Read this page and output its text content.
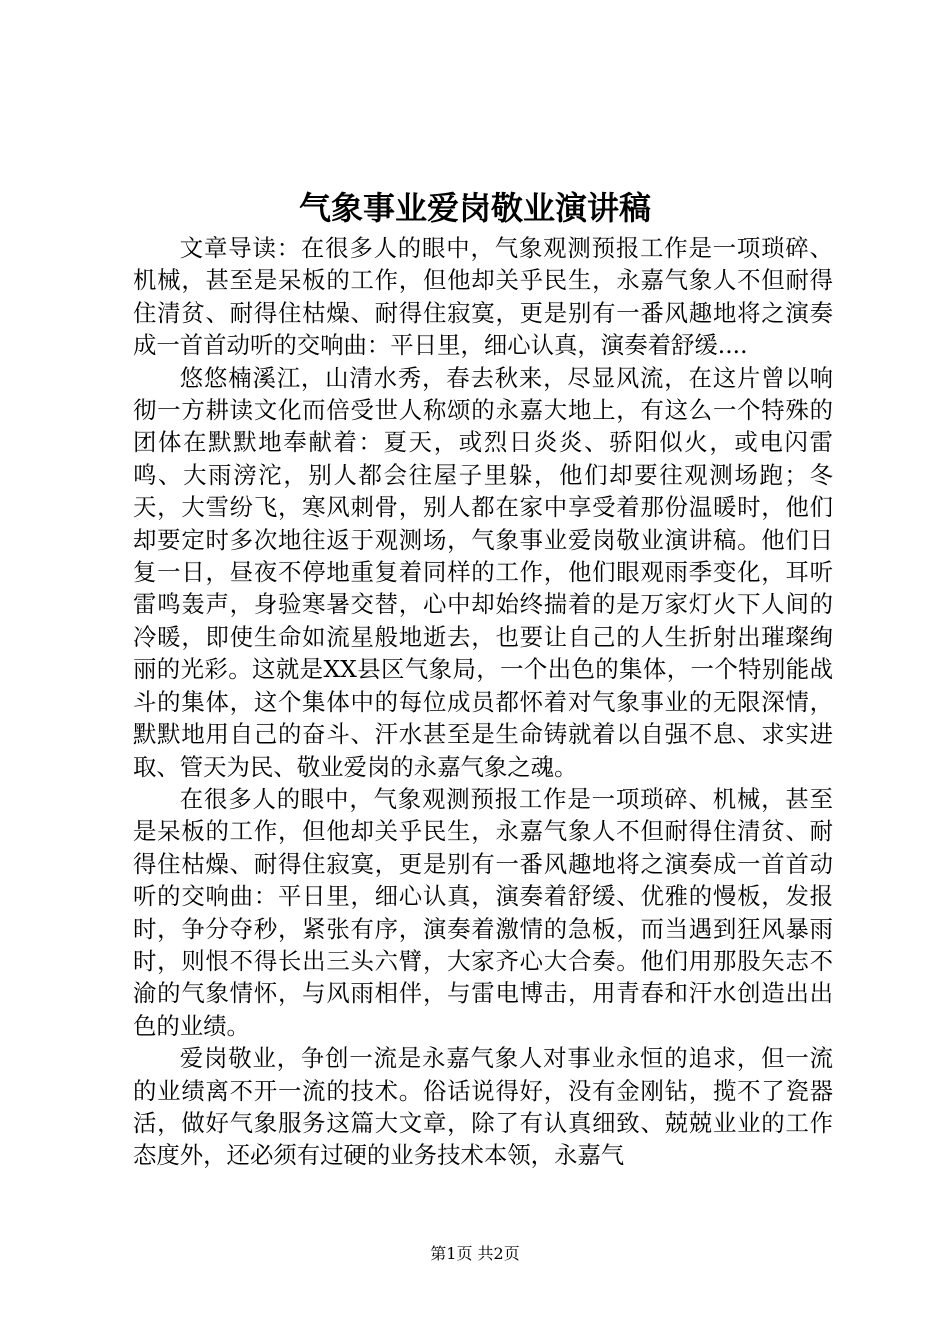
气象事业爱岗敬业演讲稿

文章导读：在很多人的眼中，气象观测预报工作是一项琐碎、机械，甚至是呆板的工作，但他却关乎民生，永嘉气象人不但耐得住清贫、耐得住枯燥、耐得住寂寞，更是别有一番风趣地将之演奏成一首首动听的交响曲：平日里，细心认真，演奏着舒缓....

悠悠楠溪江，山清水秀，春去秋来，尽显风流，在这片曾以响彻一方耕读文化而倍受世人称颂的永嘉大地上，有这么一个特殊的团体在默默地奉献着：夏天，或烈日炎炎、骄阳似火，或电闪雷鸣、大雨滂沱，别人都会往屋子里躲，他们却要往观测场跑；冬天，大雪纷飞，寒风刺骨，别人都在家中享受着那份温暖时，他们却要定时多次地往返于观测场，气象事业爱岗敬业演讲稿。他们日复一日，昼夜不停地重复着同样的工作，他们眼观雨季变化，耳听雷鸣轰声，身验寒暑交替，心中却始终揣着的是万家灯火下人间的冷暖，即使生命如流星般地逝去，也要让自己的人生折射出璀璨绚丽的光彩。这就是XX县区气象局，一个出色的集体，一个特别能战斗的集体，这个集体中的每位成员都怀着对气象事业的无限深情，默默地用自己的奋斗、汗水甚至是生命铸就着以自强不息、求实进取、管天为民、敬业爱岗的永嘉气象之魂。

在很多人的眼中，气象观测预报工作是一项琐碎、机械，甚至是呆板的工作，但他却关乎民生，永嘉气象人不但耐得住清贫、耐得住枯燥、耐得住寂寞，更是别有一番风趣地将之演奏成一首首动听的交响曲：平日里，细心认真，演奏着舒缓、优雅的慢板，发报时，争分夺秒，紧张有序，演奏着激情的急板，而当遇到狂风暴雨时，则恨不得长出三头六臂，大家齐心大合奏。他们用那股矢志不渝的气象情怀，与风雨相伴，与雷电博击，用青春和汗水创造出出色的业绩。

爱岗敬业，争创一流是永嘉气象人对事业永恒的追求，但一流的业绩离不开一流的技术。俗话说得好，没有金刚钻，揽不了瓷器活，做好气象服务这篇大文章，除了有认真细致、兢兢业业的工作态度外，还必须有过硬的业务技术本领，永嘉气

第1页 共2页
